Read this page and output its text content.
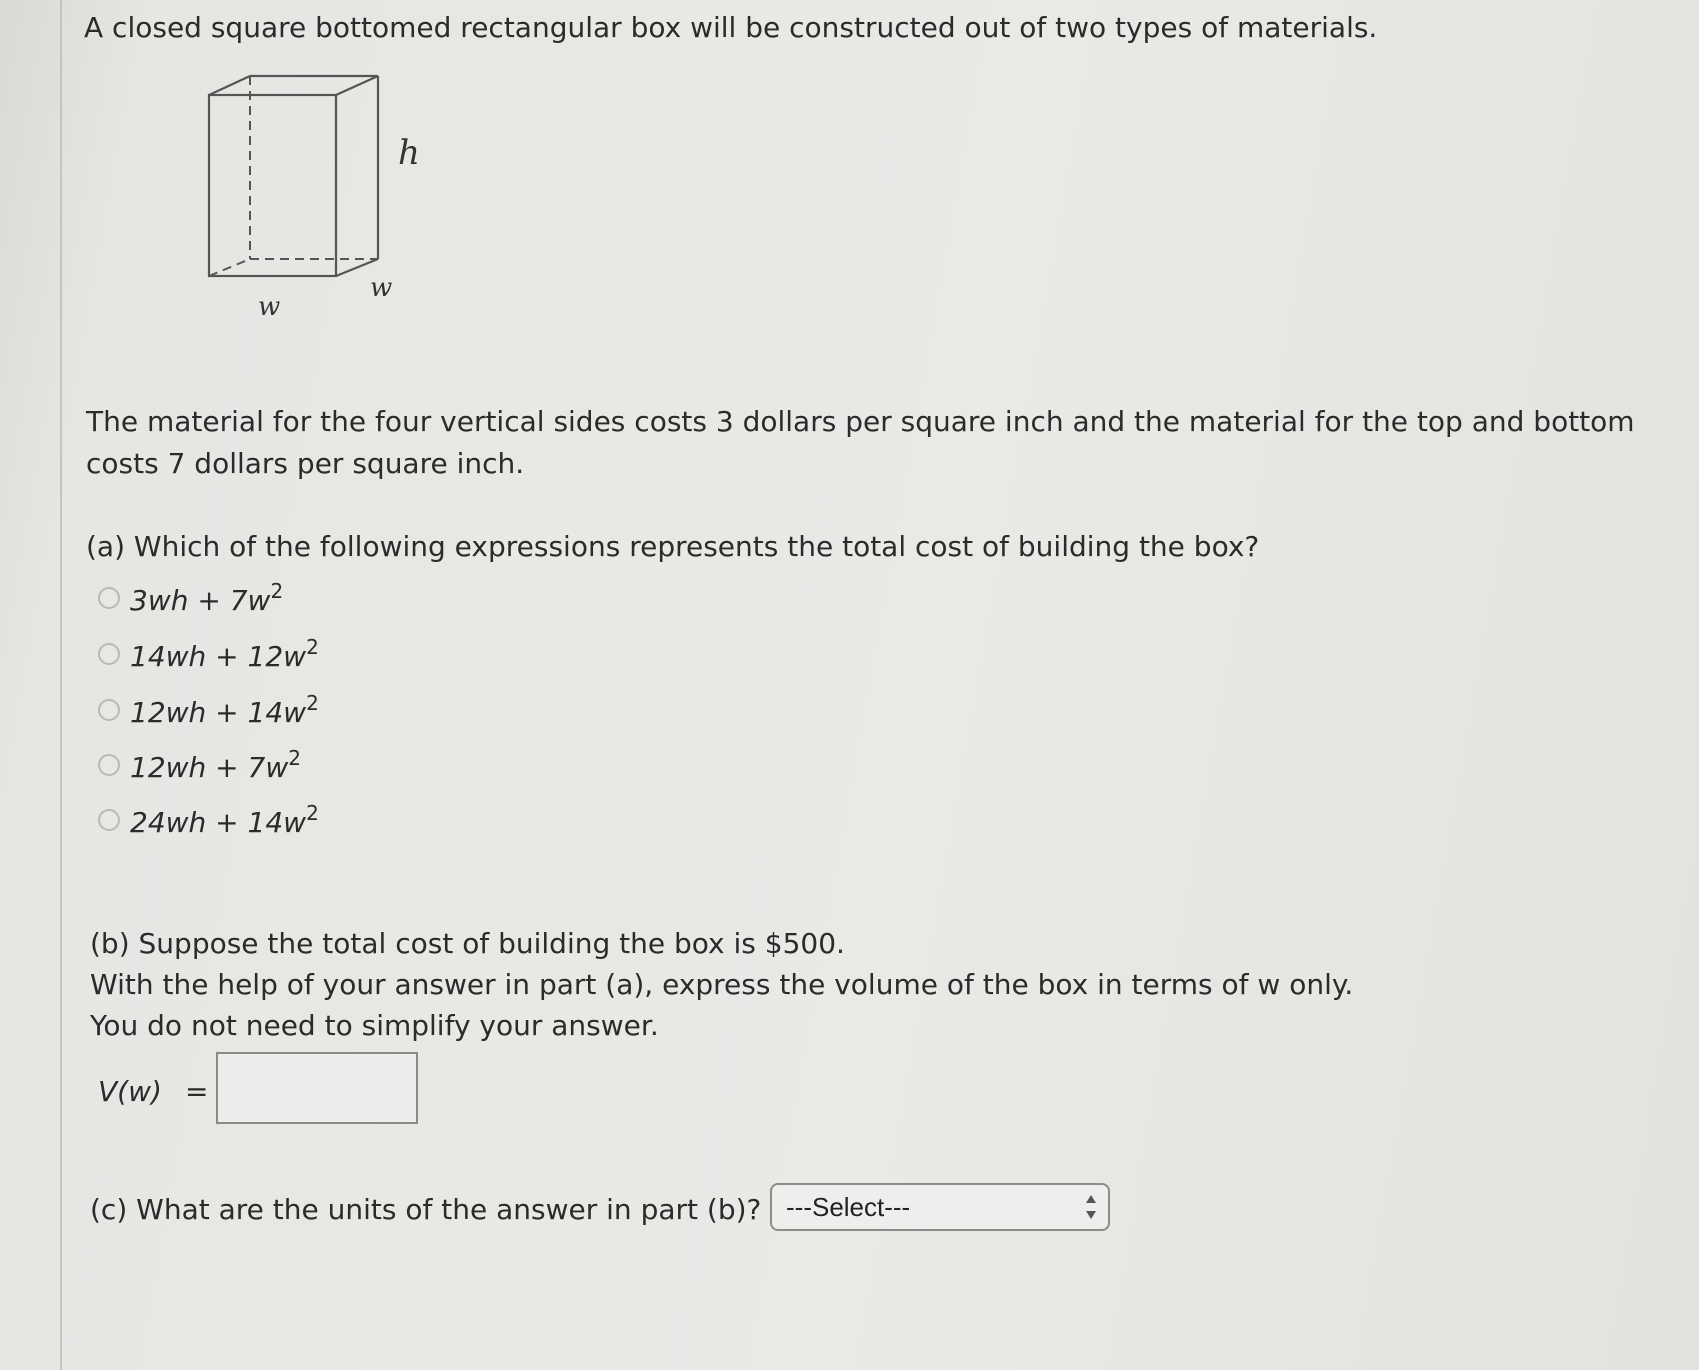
A closed square bottomed rectangular box will be constructed out of two types of materials.
h
w
w
The material for the four vertical sides costs 3 dollars per square inch and the material for the top and bottom costs 7 dollars per square inch.
(a) Which of the following expressions represents the total cost of building the box?
$3wh + 7w^2$
$14wh + 12w^2$
$12wh + 14w^2$
$12wh + 7w^2$
$24wh + 14w^2$
(b) Suppose the total cost of building the box is $500.
With the help of your answer in part (a), express the volume of the box in terms of w only.
You do not need to simplify your answer.
V(w) =
(c) What are the units of the answer in part (b)? ---Select---
